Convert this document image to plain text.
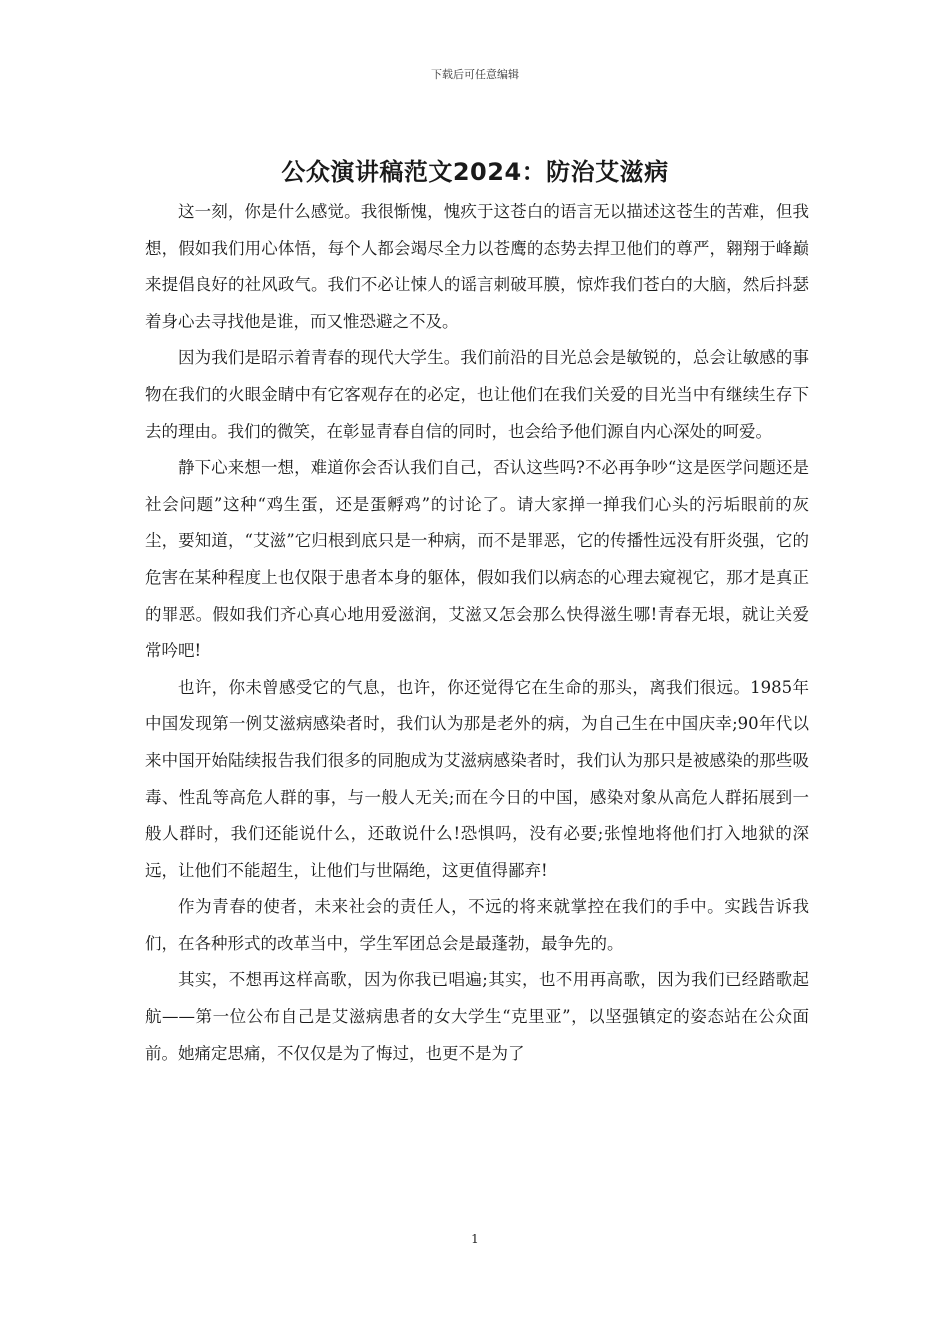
下载后可任意编辑
公众演讲稿范文2024：防治艾滋病

这一刻，你是什么感觉。我很惭愧，愧疚于这苍白的语言无以描述这苍生的苦难，但我想，假如我们用心体悟，每个人都会竭尽全力以苍鹰的态势去捍卫他们的尊严，翱翔于峰巅来提倡良好的社风政气。我们不必让悚人的谣言刺破耳膜，惊炸我们苍白的大脑，然后抖瑟着身心去寻找他是谁，而又惟恐避之不及。

因为我们是昭示着青春的现代大学生。我们前沿的目光总会是敏锐的，总会让敏感的事物在我们的火眼金睛中有它客观存在的必定，也让他们在我们关爱的目光当中有继续生存下去的理由。我们的微笑，在彰显青春自信的同时，也会给予他们源自内心深处的呵爱。

静下心来想一想，难道你会否认我们自己，否认这些吗?不必再争吵“这是医学问题还是社会问题”这种“鸡生蛋，还是蛋孵鸡”的讨论了。请大家掸一掸我们心头的污垢眼前的灰尘，要知道，“艾滋”它归根到底只是一种病，而不是罪恶，它的传播性远没有肝炎强，它的危害在某种程度上也仅限于患者本身的躯体，假如我们以病态的心理去窥视它，那才是真正的罪恶。假如我们齐心真心地用爱滋润，艾滋又怎会那么快得滋生哪!青春无垠，就让关爱常吟吧!

也许，你未曾感受它的气息，也许，你还觉得它在生命的那头，离我们很远。1985年中国发现第一例艾滋病感染者时，我们认为那是老外的病，为自己生在中国庆幸;90年代以来中国开始陆续报告我们很多的同胞成为艾滋病感染者时，我们认为那只是被感染的那些吸毒、性乱等高危人群的事，与一般人无关;而在今日的中国，感染对象从高危人群拓展到一般人群时，我们还能说什么，还敢说什么!恐惧吗，没有必要;张惶地将他们打入地狱的深远，让他们不能超生，让他们与世隔绝，这更值得鄙弃!

作为青春的使者，未来社会的责任人，不远的将来就掌控在我们的手中。实践告诉我们，在各种形式的改革当中，学生军团总会是最蓬勃，最争先的。

其实，不想再这样高歌，因为你我已唱遍;其实，也不用再高歌，因为我们已经踏歌起航——第一位公布自己是艾滋病患者的女大学生“克里亚”，以坚强镇定的姿态站在公众面前。她痛定思痛，不仅仅是为了悔过，也更不是为了

1
